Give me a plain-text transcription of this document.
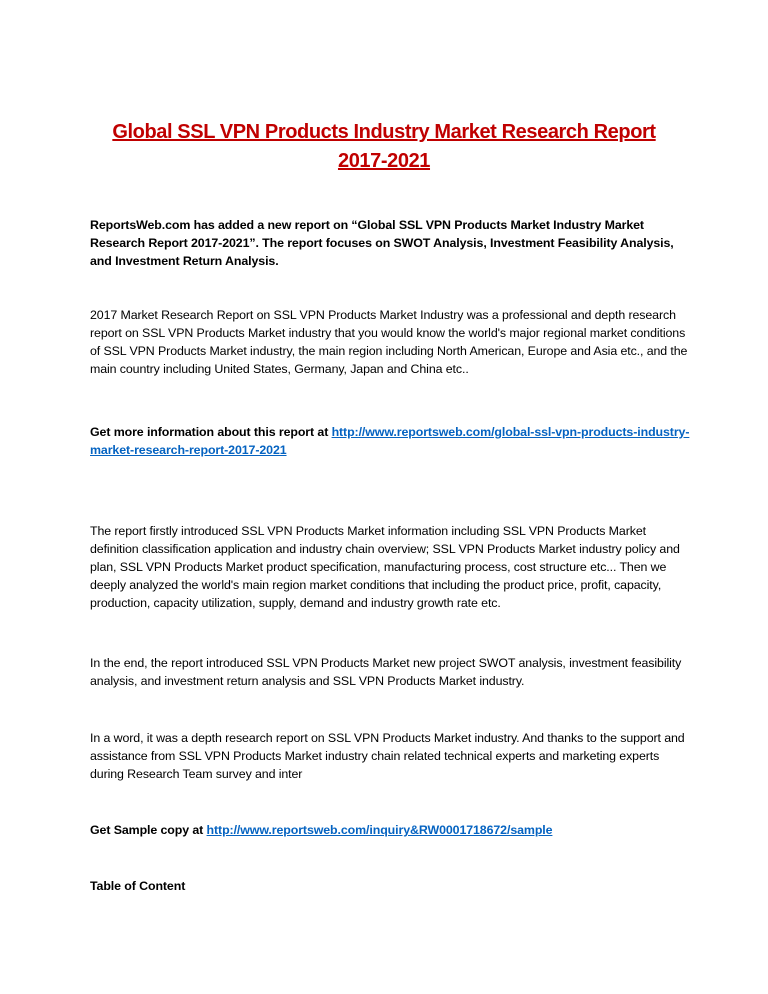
Global SSL VPN Products Industry Market Research Report
2017-2021
ReportsWeb.com has added a new report on “Global SSL VPN Products Market Industry Market Research Report 2017-2021”. The report focuses on SWOT Analysis, Investment Feasibility Analysis, and Investment Return Analysis.
2017 Market Research Report on SSL VPN Products Market Industry was a professional and depth research report on SSL VPN Products Market industry that you would know the world's major regional market conditions of SSL VPN Products Market industry, the main region including North American, Europe and Asia etc., and the main country including United States, Germany, Japan and China etc..
Get more information about this report at http://www.reportsweb.com/global-ssl-vpn-products-industry-market-research-report-2017-2021
The report firstly introduced SSL VPN Products Market information including SSL VPN Products Market definition classification application and industry chain overview; SSL VPN Products Market industry policy and plan, SSL VPN Products Market product specification, manufacturing process, cost structure etc... Then we deeply analyzed the world's main region market conditions that including the product price, profit, capacity, production, capacity utilization, supply, demand and industry growth rate etc.
In the end, the report introduced SSL VPN Products Market new project SWOT analysis, investment feasibility analysis, and investment return analysis and SSL VPN Products Market industry.
In a word, it was a depth research report on SSL VPN Products Market industry. And thanks to the support and assistance from SSL VPN Products Market industry chain related technical experts and marketing experts during Research Team survey and inter
Get Sample copy at http://www.reportsweb.com/inquiry&RW0001718672/sample
Table of Content
